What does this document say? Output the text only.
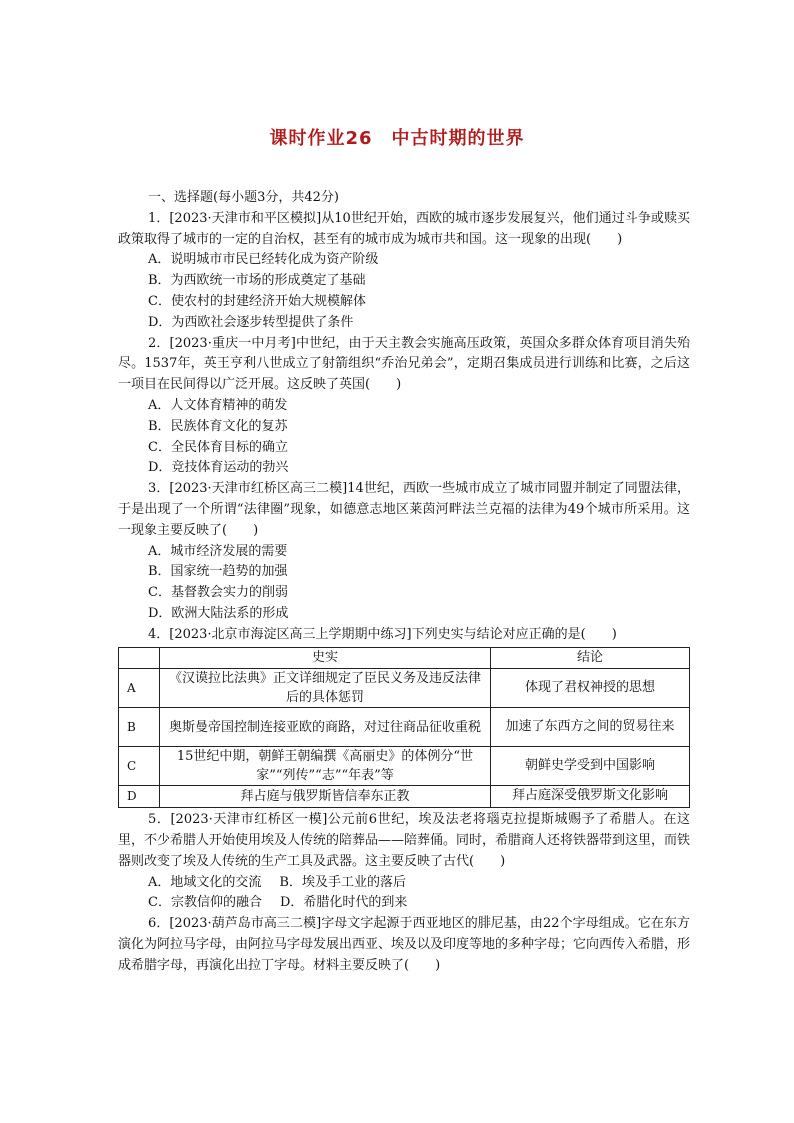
课时作业26　中古时期的世界

一、选择题(每小题3分，共42分)

1．[2023·天津市和平区模拟]从10世纪开始，西欧的城市逐步发展复兴，他们通过斗争或赎买政策取得了城市的一定的自治权，甚至有的城市成为城市共和国。这一现象的出现(　　)

A．说明城市市民已经转化成为资产阶级

B．为西欧统一市场的形成奠定了基础

C．使农村的封建经济开始大规模解体

D．为西欧社会逐步转型提供了条件

2．[2023·重庆一中月考]中世纪，由于天主教会实施高压政策，英国众多群众体育项目消失殆尽。1537年，英王亨利八世成立了射箭组织“乔治兄弟会”，定期召集成员进行训练和比赛，之后这一项目在民间得以广泛开展。这反映了英国(　　)

A．人文体育精神的萌发

B．民族体育文化的复苏

C．全民体育目标的确立

D．竞技体育运动的勃兴

3．[2023·天津市红桥区高三二模]14世纪，西欧一些城市成立了城市同盟并制定了同盟法律，于是出现了一个所谓“法律圈”现象，如德意志地区莱茵河畔法兰克福的法律为49个城市所采用。这一现象主要反映了(　　)

A．城市经济发展的需要

B．国家统一趋势的加强

C．基督教会实力的削弱

D．欧洲大陆法系的形成

4．[2023·北京市海淀区高三上学期期中练习]下列史实与结论对应正确的是(　　)

	史实	结论
A	《汉谟拉比法典》正文详细规定了臣民义务及违反法律后的具体惩罚	体现了君权神授的思想
B	奥斯曼帝国控制连接亚欧的商路，对过往商品征收重税	加速了东西方之间的贸易往来
C	15世纪中期，朝鲜王朝编撰《高丽史》的体例分“世家”“列传”“志”“年表”等	朝鲜史学受到中国影响
D	拜占庭与俄罗斯皆信奉东正教	拜占庭深受俄罗斯文化影响

5．[2023·天津市红桥区一模]公元前6世纪，埃及法老将瑙克拉提斯城赐予了希腊人。在这里，不少希腊人开始使用埃及人传统的陪葬品——陪葬俑。同时，希腊商人还将铁器带到这里，而铁器则改变了埃及人传统的生产工具及武器。这主要反映了古代(　　)

A．地域文化的交流 B．埃及手工业的落后

C．宗教信仰的融合 D．希腊化时代的到来

6．[2023·葫芦岛市高三二模]字母文字起源于西亚地区的腓尼基，由22个字母组成。它在东方演化为阿拉马字母，由阿拉马字母发展出西亚、埃及以及印度等地的多种字母；它向西传入希腊，形成希腊字母，再演化出拉丁字母。材料主要反映了(　　)
